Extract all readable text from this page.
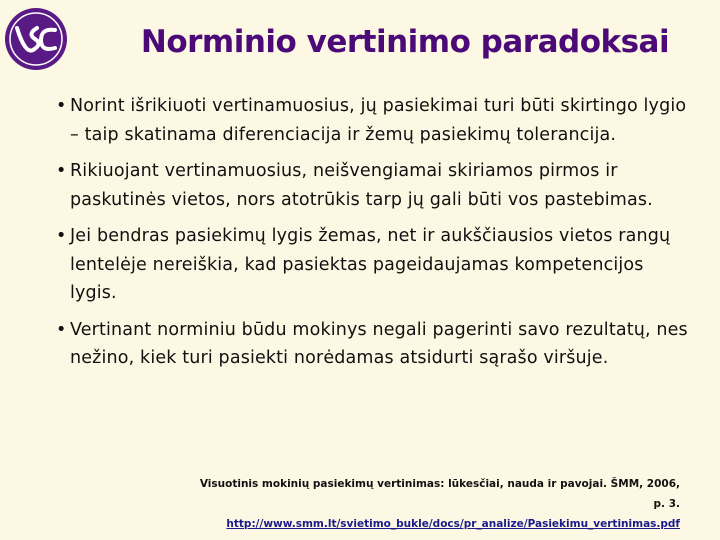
Norminio vertinimo paradoksai
• Norint išrikiuoti vertinamuosius, jų pasiekimai turi būti skirtingo lygio – taip skatinama diferenciacija ir žemų pasiekimų tolerancija.
• Rikiuojant vertinamuosius, neišvengiamai skiriamos pirmos ir paskutinės vietos, nors atotrūkis tarp jų gali būti vos pastebimas.
• Jei bendras pasiekimų lygis žemas, net ir aukščiausios vietos rangų lentelėje nereiškia, kad pasiektas pageidaujamas kompetencijos lygis.
• Vertinant norminiu būdu mokinys negali pagerinti savo rezultatų, nes nežino, kiek turi pasiekti norėdamas atsidurti sąrašo viršuje.
Visuotinis mokinių pasiekimų vertinimas: lūkesčiai, nauda ir pavojai. ŠMM, 2006, p. 3.
http://www.smm.lt/svietimo_bukle/docs/pr_analize/Pasiekimu_vertinimas.pdf
